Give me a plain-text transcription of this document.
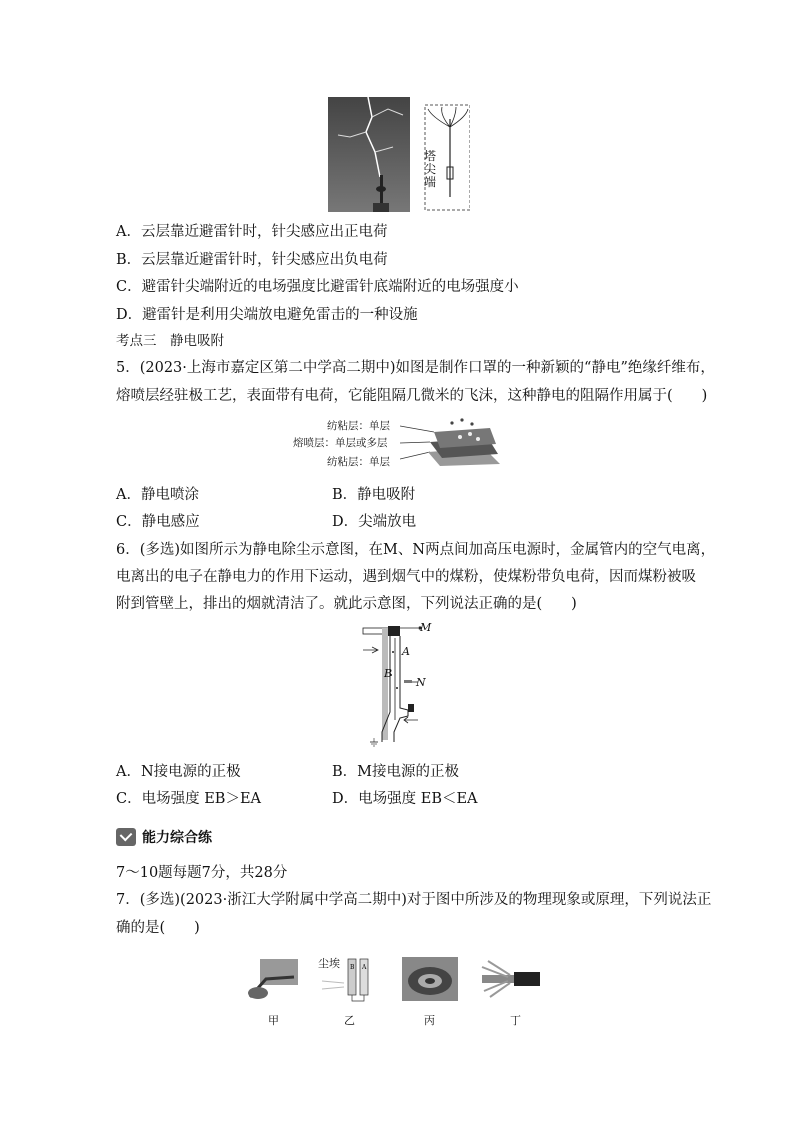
塔尖端
A．云层靠近避雷针时，针尖感应出正电荷
B．云层靠近避雷针时，针尖感应出负电荷
C．避雷针尖端附近的电场强度比避雷针底端附近的电场强度小
D．避雷针是利用尖端放电避免雷击的一种设施
考点三　静电吸附
5．(2023·上海市嘉定区第二中学高二期中)如图是制作口罩的一种新颖的“静电”绝缘纤维布，
熔喷层经驻极工艺，表面带有电荷，它能阻隔几微米的飞沫，这种静电的阻隔作用属于(　　)
纺粘层：单层
熔喷层：单层或多层
纺粘层：单层
A．静电喷涂	B．静电吸附
C．静电感应	D．尖端放电
6．(多选)如图所示为静电除尘示意图，在M、N两点间加高压电源时，金属管内的空气电离，
电离出的电子在静电力的作用下运动，遇到烟气中的煤粉，使煤粉带负电荷，因而煤粉被吸
附到管壁上，排出的烟就清洁了。就此示意图，下列说法正确的是(　　)
M
A
B
N
A．N接电源的正极	B．M接电源的正极
C．电场强度 EB＞EA	D．电场强度 EB＜EA
能力综合练
7～10题每题7分，共28分
7．(多选)(2023·浙江大学附属中学高二期中)对于图中所涉及的物理现象或原理，下列说法正
确的是(　　)
B A
尘埃
甲	乙	丙	丁
